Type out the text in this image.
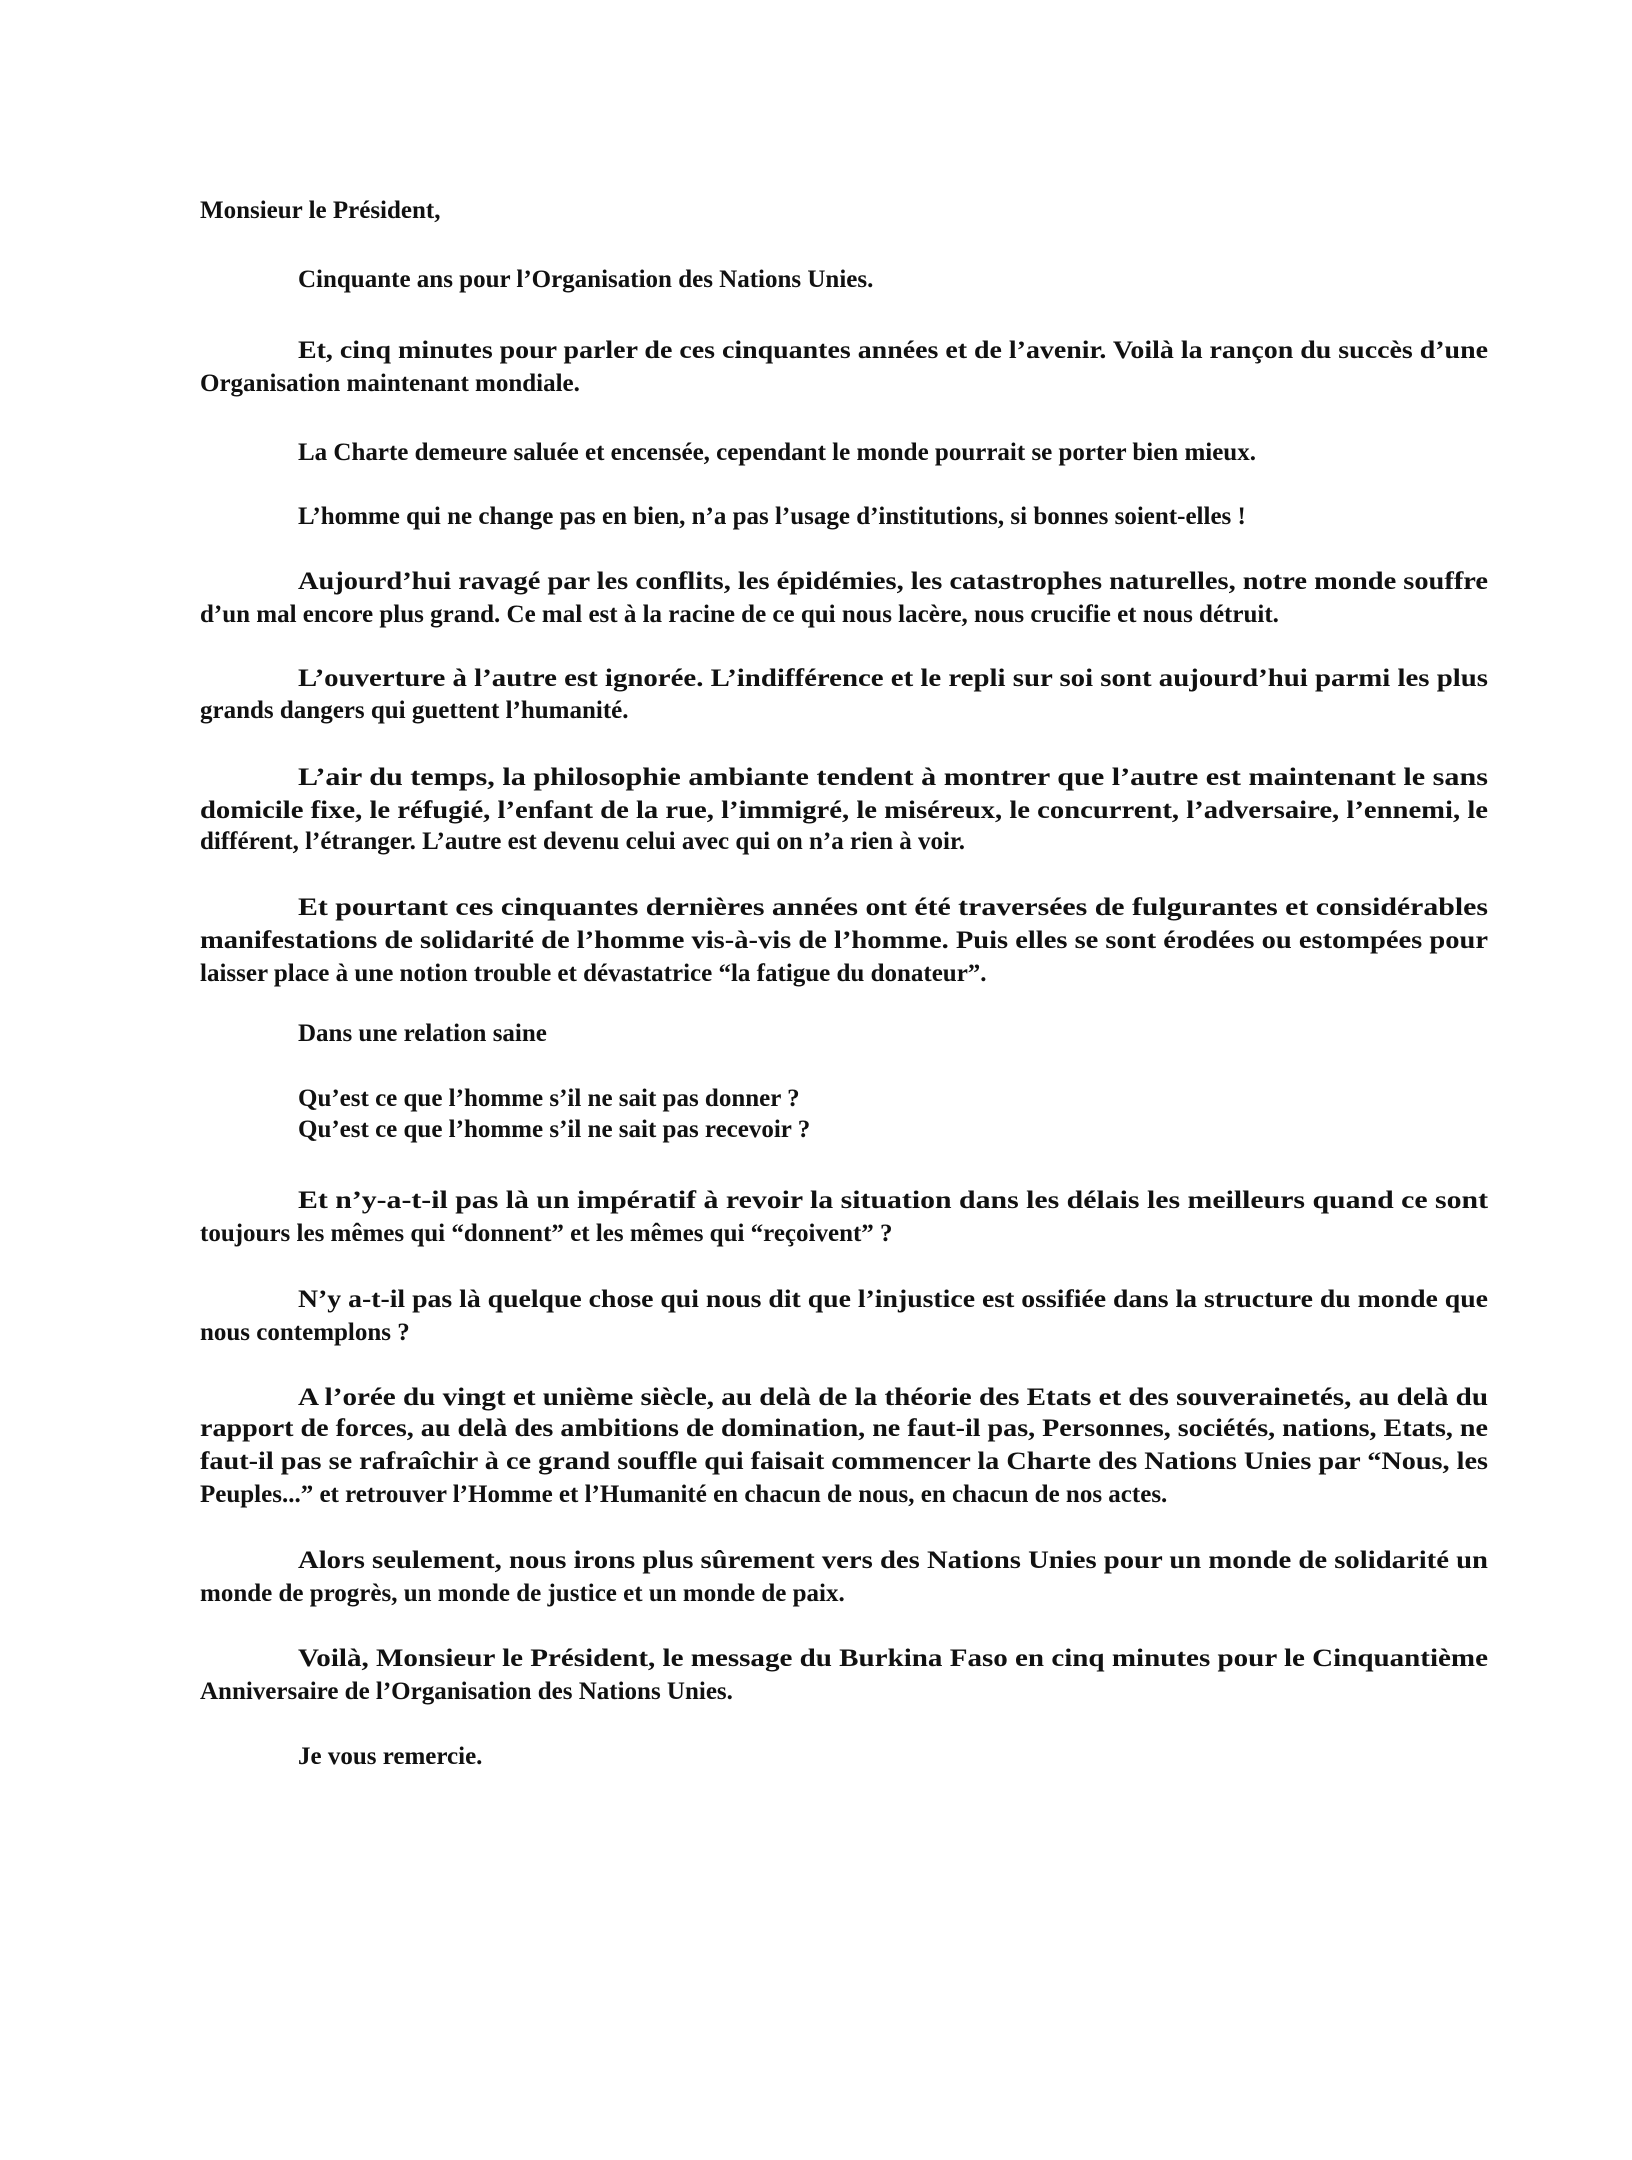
Monsieur le Président,
Cinquante ans pour l’Organisation des Nations Unies.
Et, cinq minutes pour parler de ces cinquantes années et de l’avenir. Voilà la rançon du succès d’une
Organisation maintenant mondiale.
La Charte demeure saluée et encensée, cependant le monde pourrait se porter bien mieux.
L’homme qui ne change pas en bien, n’a pas l’usage d’institutions, si bonnes soient-elles !
Aujourd’hui ravagé par les conflits, les épidémies, les catastrophes naturelles, notre monde souffre
d’un mal encore plus grand. Ce mal est à la racine de ce qui nous lacère, nous crucifie et nous détruit.
L’ouverture à l’autre est ignorée. L’indifférence et le repli sur soi sont aujourd’hui parmi les plus
grands dangers qui guettent l’humanité.
L’air du temps, la philosophie ambiante tendent à montrer que l’autre est maintenant le sans
domicile fixe, le réfugié, l’enfant de la rue, l’immigré, le miséreux, le concurrent, l’adversaire, l’ennemi, le
différent, l’étranger. L’autre est devenu celui avec qui on n’a rien à voir.
Et pourtant ces cinquantes dernières années ont été traversées de fulgurantes et considérables
manifestations de solidarité de l’homme vis-à-vis de l’homme. Puis elles se sont érodées ou estompées pour
laisser place à une notion trouble et dévastatrice “la fatigue du donateur”.
Dans une relation saine
Qu’est ce que l’homme s’il ne sait pas donner ?
Qu’est ce que l’homme s’il ne sait pas recevoir ?
Et n’y-a-t-il pas là un impératif à revoir la situation dans les délais les meilleurs quand ce sont
toujours les mêmes qui “donnent” et les mêmes qui “reçoivent” ?
N’y a-t-il pas là quelque chose qui nous dit que l’injustice est ossifiée dans la structure du monde que
nous contemplons ?
A l’orée du vingt et unième siècle, au delà de la théorie des Etats et des souverainetés, au delà du
rapport de forces, au delà des ambitions de domination, ne faut-il pas, Personnes, sociétés, nations, Etats, ne
faut-il pas se rafraîchir à ce grand souffle qui faisait commencer la Charte des Nations Unies par “Nous, les
Peuples...” et retrouver l’Homme et l’Humanité en chacun de nous, en chacun de nos actes.
Alors seulement, nous irons plus sûrement vers des Nations Unies pour un monde de solidarité un
monde de progrès, un monde de justice et un monde de paix.
Voilà, Monsieur le Président, le message du Burkina Faso en cinq minutes pour le Cinquantième
Anniversaire de l’Organisation des Nations Unies.
Je vous remercie.
